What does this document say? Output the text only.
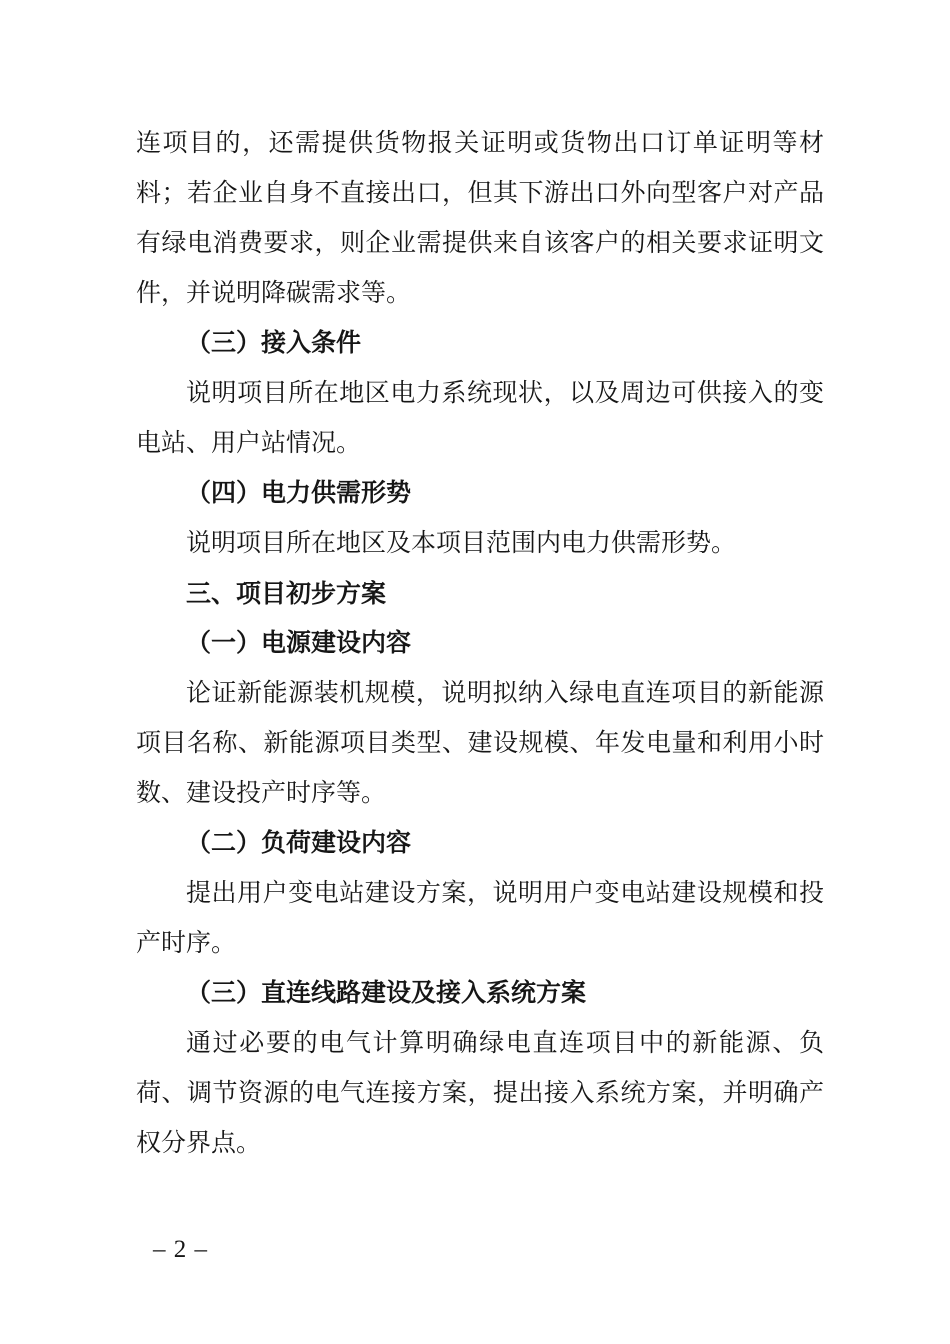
连项目的，还需提供货物报关证明或货物出口订单证明等材
料；若企业自身不直接出口，但其下游出口外向型客户对产品
有绿电消费要求，则企业需提供来自该客户的相关要求证明文
件，并说明降碳需求等。
（三）接入条件
说明项目所在地区电力系统现状，以及周边可供接入的变
电站、用户站情况。
（四）电力供需形势
说明项目所在地区及本项目范围内电力供需形势。
三、项目初步方案
（一）电源建设内容
论证新能源装机规模，说明拟纳入绿电直连项目的新能源
项目名称、新能源项目类型、建设规模、年发电量和利用小时
数、建设投产时序等。
（二）负荷建设内容
提出用户变电站建设方案，说明用户变电站建设规模和投
产时序。
（三）直连线路建设及接入系统方案
通过必要的电气计算明确绿电直连项目中的新能源、负
荷、调节资源的电气连接方案，提出接入系统方案，并明确产
权分界点。
– 2 –
